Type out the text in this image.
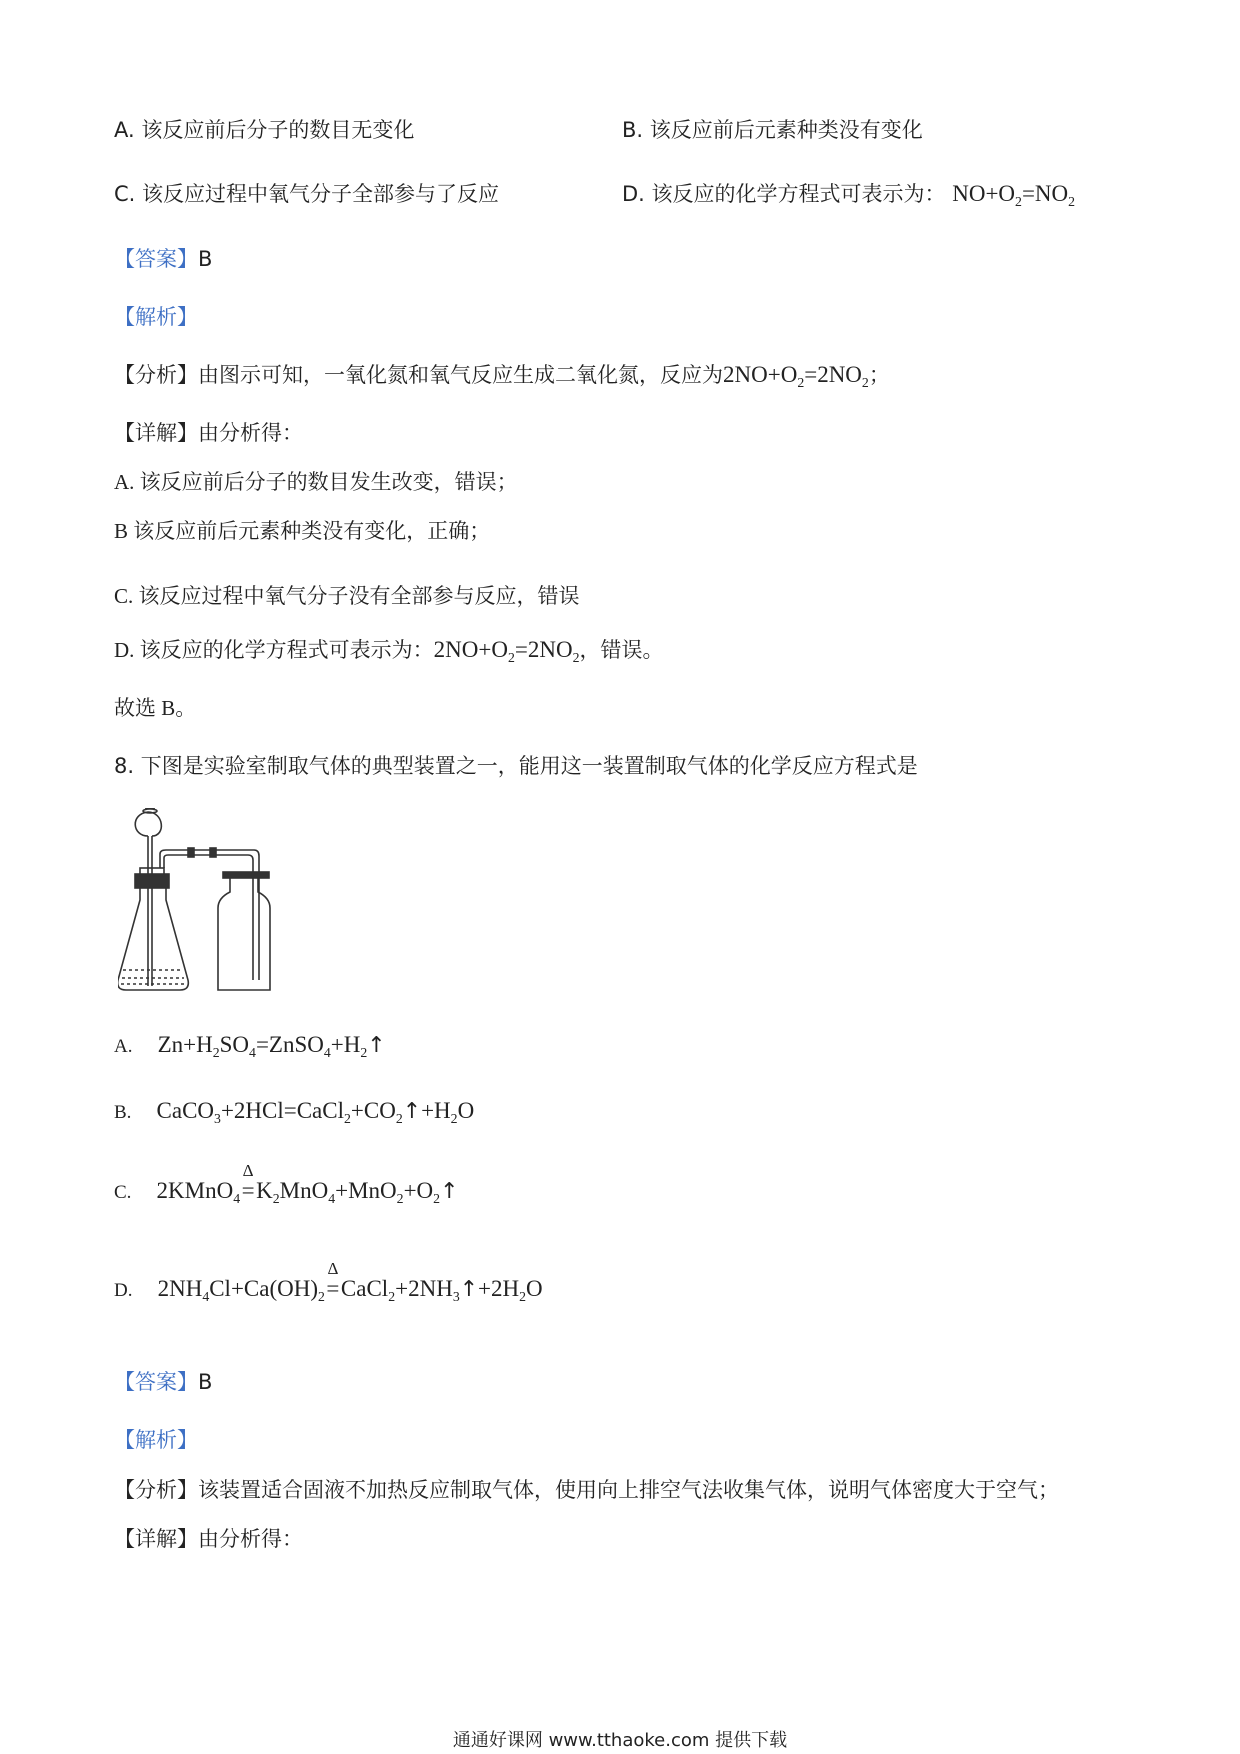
A. 该反应前后分子的数目无变化	B. 该反应前后元素种类没有变化
C. 该反应过程中氧气分子全部参与了反应	D. 该反应的化学方程式可表示为： $NO+O_2=NO_2$
【答案】B
【解析】
【分析】由图示可知，一氧化氮和氧气反应生成二氧化氮，反应为$2NO+O_2=2NO_2$；
【详解】由分析得：
A. 该反应前后分子的数目发生改变，错误；
B 该反应前后元素种类没有变化，正确；
C. 该反应过程中氧气分子没有全部参与反应，错误
D. 该反应的化学方程式可表示为：$2NO+O_2=2NO_2$，错误。
故选 B。
8. 下图是实验室制取气体的典型装置之一，能用这一装置制取气体的化学反应方程式是
A. $Zn+H_2SO_4=ZnSO_4+H_2↑$
B. $CaCO_3+2HCl=CaCl_2+CO_2↑+H_2O$
C. 2KMnO$_4$
Δ
$=K_2MnO_4+MnO_2+O_2↑$
D. $2NH_4Cl+Ca(OH)_2$
Δ
$=CaCl_2+2NH_3↑+2H_2O$
【答案】B
【解析】
【分析】该装置适合固液不加热反应制取气体，使用向上排空气法收集气体，说明气体密度大于空气；
【详解】由分析得：
通通好课网 www.tthaoke.com 提供下载
